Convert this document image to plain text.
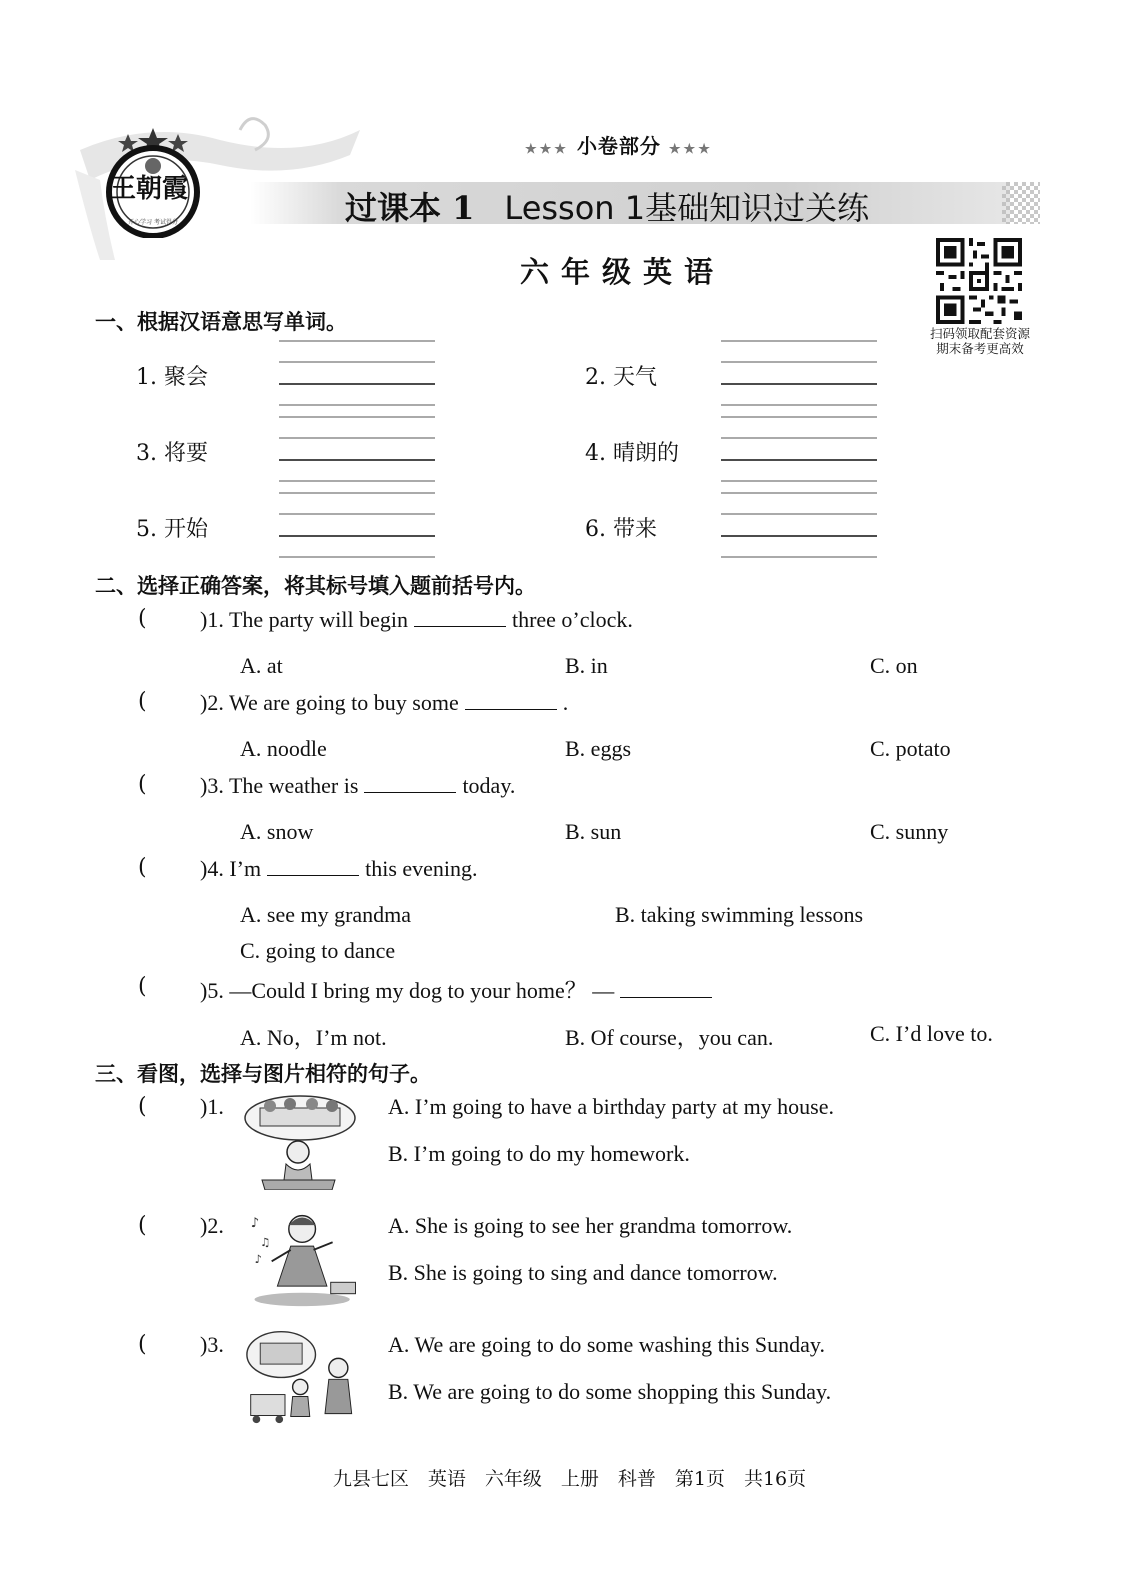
开心学习 考试得分
王朝霞
★★★ 小卷部分 ★★★
过课本 1 Lesson 1基础知识过关练
六年级英语
扫码领取配套资源
期末备考更高效
一、根据汉语意思写单词。
1. 聚会	2. 天气
3. 将要	4. 晴朗的
5. 开始	6. 带来
二、选择正确答案，将其标号填入题前括号内。
( )1. The party will begin	three o’clock.
A. at	B. in	C. on
( )2. We are going to buy some	.
A. noodle	B. eggs	C. potato
( )3. The weather is	today.
A. snow	B. sun	C. sunny
( )4. I’m	this evening.
A. see my grandma	B. taking swimming lessons
C. going to dance
( )5. —Could I bring my dog to your home？ —
A. No，I’m not.	B. Of course，you can.	C. I’d love to.
三、看图，选择与图片相符的句子。
( )1.	A. I’m going to have a birthday party at my house.
B. I’m going to do my homework.
( )2. ♪
♫
♪
A. She is going to see her grandma tomorrow.
B. She is going to sing and dance tomorrow.
( )3.	A. We are going to do some washing this Sunday.
B. We are going to do some shopping this Sunday.
九县七区　英语　六年级　上册　科普　第1页　共16页
